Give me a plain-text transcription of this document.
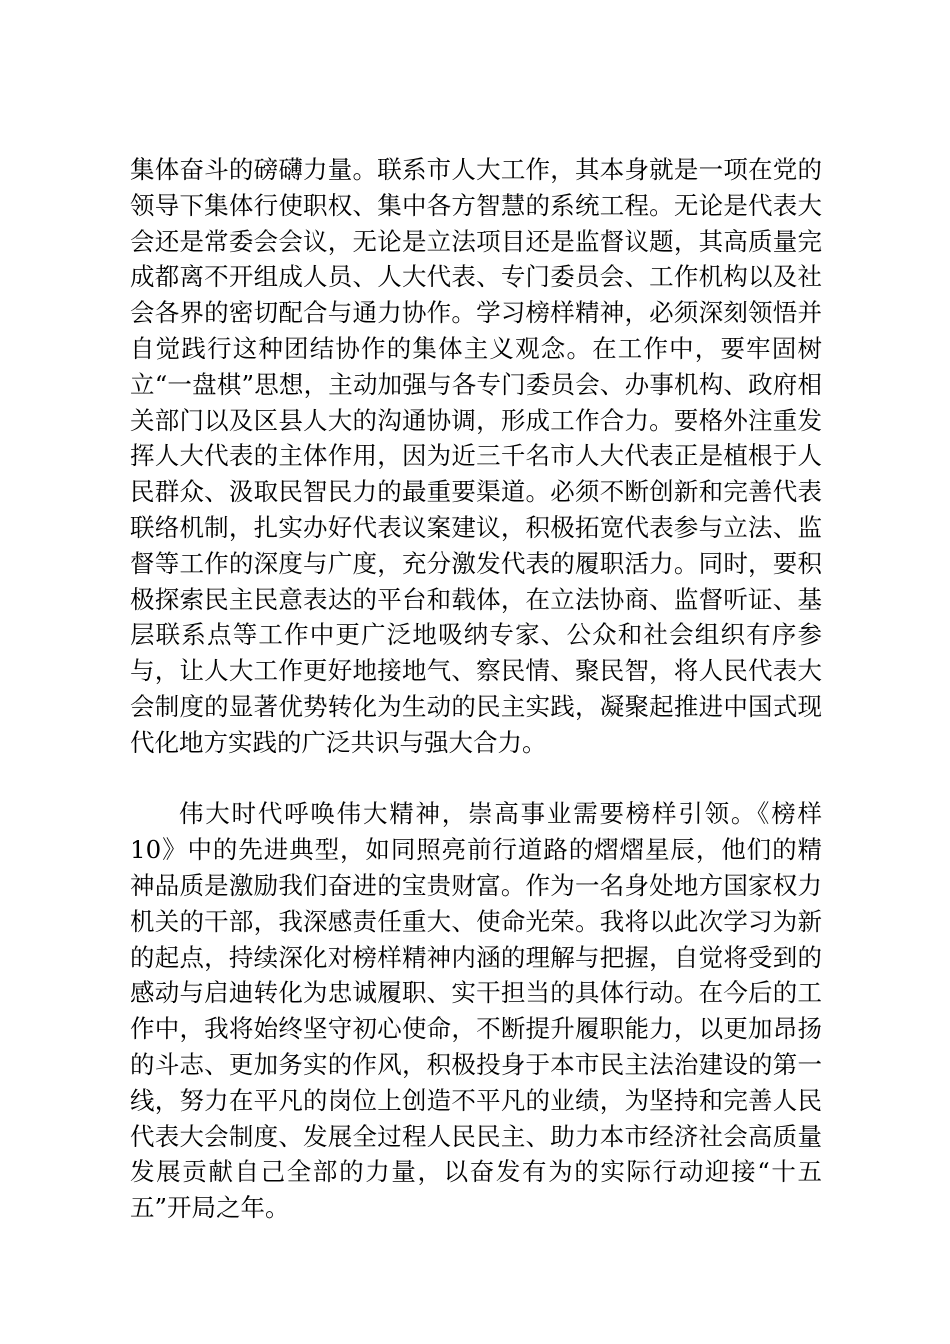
集体奋斗的磅礴力量。联系市人大工作，其本身就是一项在党的领导下集体行使职权、集中各方智慧的系统工程。无论是代表大会还是常委会会议，无论是立法项目还是监督议题，其高质量完成都离不开组成人员、人大代表、专门委员会、工作机构以及社会各界的密切配合与通力协作。学习榜样精神，必须深刻领悟并自觉践行这种团结协作的集体主义观念。在工作中，要牢固树立“一盘棋”思想，主动加强与各专门委员会、办事机构、政府相关部门以及区县人大的沟通协调，形成工作合力。要格外注重发挥人大代表的主体作用，因为近三千名市人大代表正是植根于人民群众、汲取民智民力的最重要渠道。必须不断创新和完善代表联络机制，扎实办好代表议案建议，积极拓宽代表参与立法、监督等工作的深度与广度，充分激发代表的履职活力。同时，要积极探索民主民意表达的平台和载体，在立法协商、监督听证、基层联系点等工作中更广泛地吸纳专家、公众和社会组织有序参与，让人大工作更好地接地气、察民情、聚民智，将人民代表大会制度的显著优势转化为生动的民主实践，凝聚起推进中国式现代化地方实践的广泛共识与强大合力。

伟大时代呼唤伟大精神，崇高事业需要榜样引领。《榜样10》中的先进典型，如同照亮前行道路的熠熠星辰，他们的精神品质是激励我们奋进的宝贵财富。作为一名身处地方国家权力机关的干部，我深感责任重大、使命光荣。我将以此次学习为新的起点，持续深化对榜样精神内涵的理解与把握，自觉将受到的感动与启迪转化为忠诚履职、实干担当的具体行动。在今后的工作中，我将始终坚守初心使命，不断提升履职能力，以更加昂扬的斗志、更加务实的作风，积极投身于本市民主法治建设的第一线，努力在平凡的岗位上创造不平凡的业绩，为坚持和完善人民代表大会制度、发展全过程人民民主、助力本市经济社会高质量发展贡献自己全部的力量，以奋发有为的实际行动迎接“十五五”开局之年。
